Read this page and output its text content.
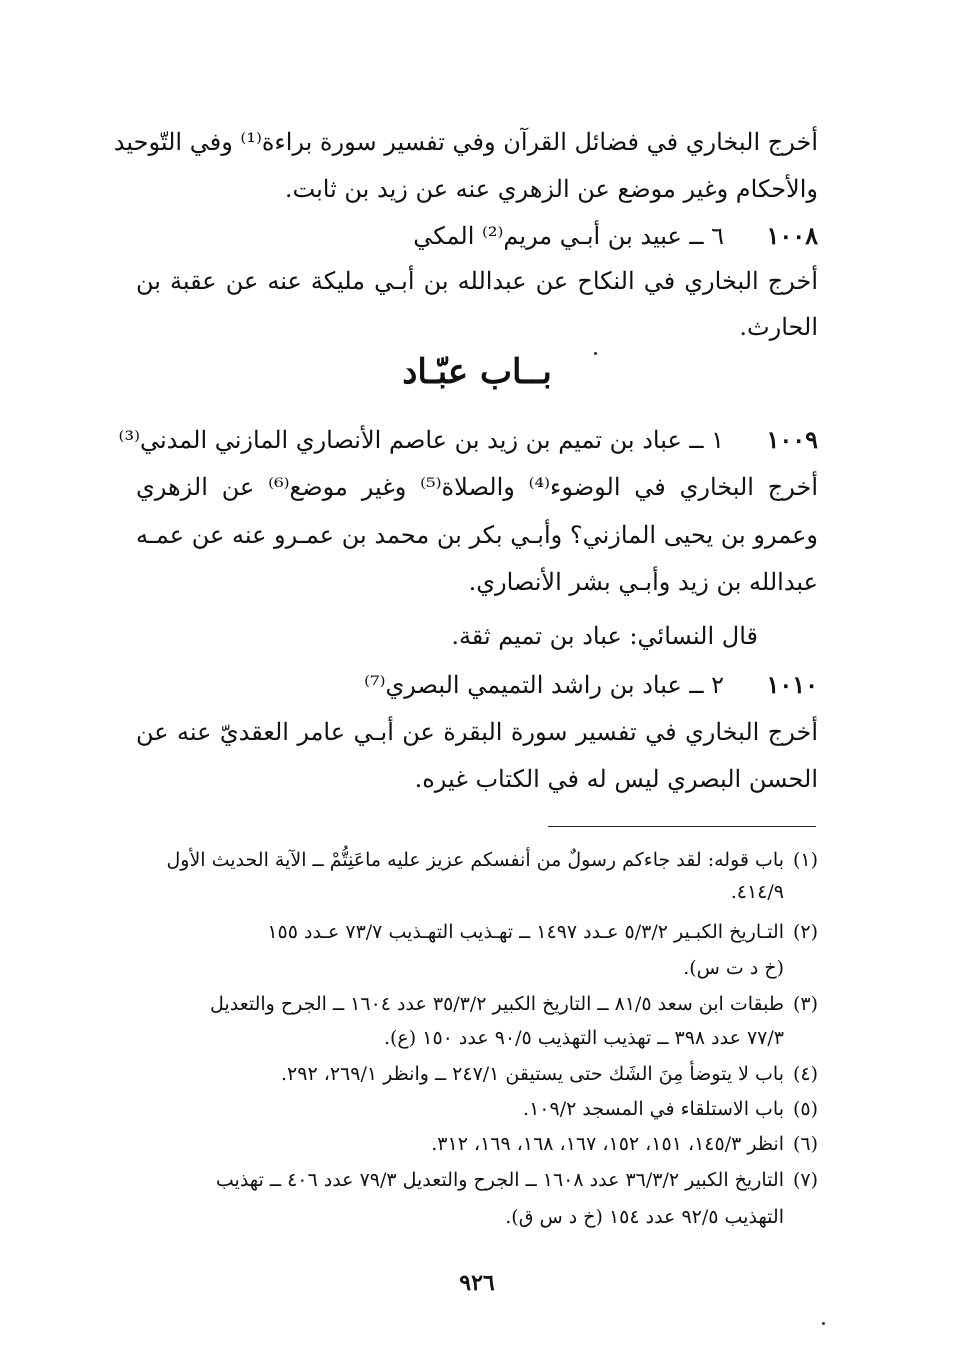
أخرج البخاري في فضائل القرآن وفي تفسير سورة براءة⁽¹⁾ وفي التّوحيد
والأحكام وغير موضع عن الزهري عنه عن زيد بن ثابت.
١٠٠٨
٦ ــ عبيد بن أبـي مريم⁽²⁾ المكي
أخرج البخاري في النكاح عن عبدالله بن أبـي مليكة عنه عن عقبة بن
الحارث.
بــاب عبّـاد
١٠٠٩
١ ــ عباد بن تميم بن زيد بن عاصم الأنصاري المازني المدني⁽³⁾
أخرج البخاري في الوضوء⁽⁴⁾ والصلاة⁽⁵⁾ وغير موضع⁽⁶⁾ عن الزهري
وعمرو بن يحيى المازني؟ وأبـي بكر بن محمد بن عمـرو عنه عن عمـه
عبدالله بن زيد وأبـي بشر الأنصاري.
قال النسائي: عباد بن تميم ثقة.
١٠١٠
٢ ــ عباد بن راشد التميمي البصري⁽⁷⁾
أخرج البخاري في تفسير سورة البقرة عن أبـي عامر العقديّ عنه عن
الحسن البصري ليس له في الكتاب غيره.
(١)باب قوله: لقد جاءكم رسولٌ من أنفسكم عزيز عليه ماعَنِتُّمْ ــ الآية الحديث الأول
٤١٤/٩.
(٢)التـاريخ الكبـير ٥/٣/٢ عـدد ١٤٩٧ ــ تهـذيب التهـذيب ٧٣/٧ عـدد ١٥٥
(خ د ت س).
(٣)طبقات ابن سعد ٨١/٥ ــ التاريخ الكبير ٣٥/٣/٢ عدد ١٦٠٤ ــ الجرح والتعديل
٧٧/٣ عدد ٣٩٨ ــ تهذيب التهذيب ٩٠/٥ عدد ١٥٠ (ع).
(٤)باب لا يتوضأ مِنَ الشَك حتى يستيقن ٢٤٧/١ ــ وانظر ٢٦٩/١، ٢٩٢.
(٥)باب الاستلقاء في المسجد ١٠٩/٢.
(٦)انظر ١٤٥/٣، ١٥١، ١٥٢، ١٦٧، ١٦٨، ١٦٩، ٣١٢.
(٧)التاريخ الكبير ٣٦/٣/٢ عدد ١٦٠٨ ــ الجرح والتعديل ٧٩/٣ عدد ٤٠٦ ــ تهذيب
التهذيب ٩٢/٥ عدد ١٥٤ (خ د س ق).
٩٢٦
